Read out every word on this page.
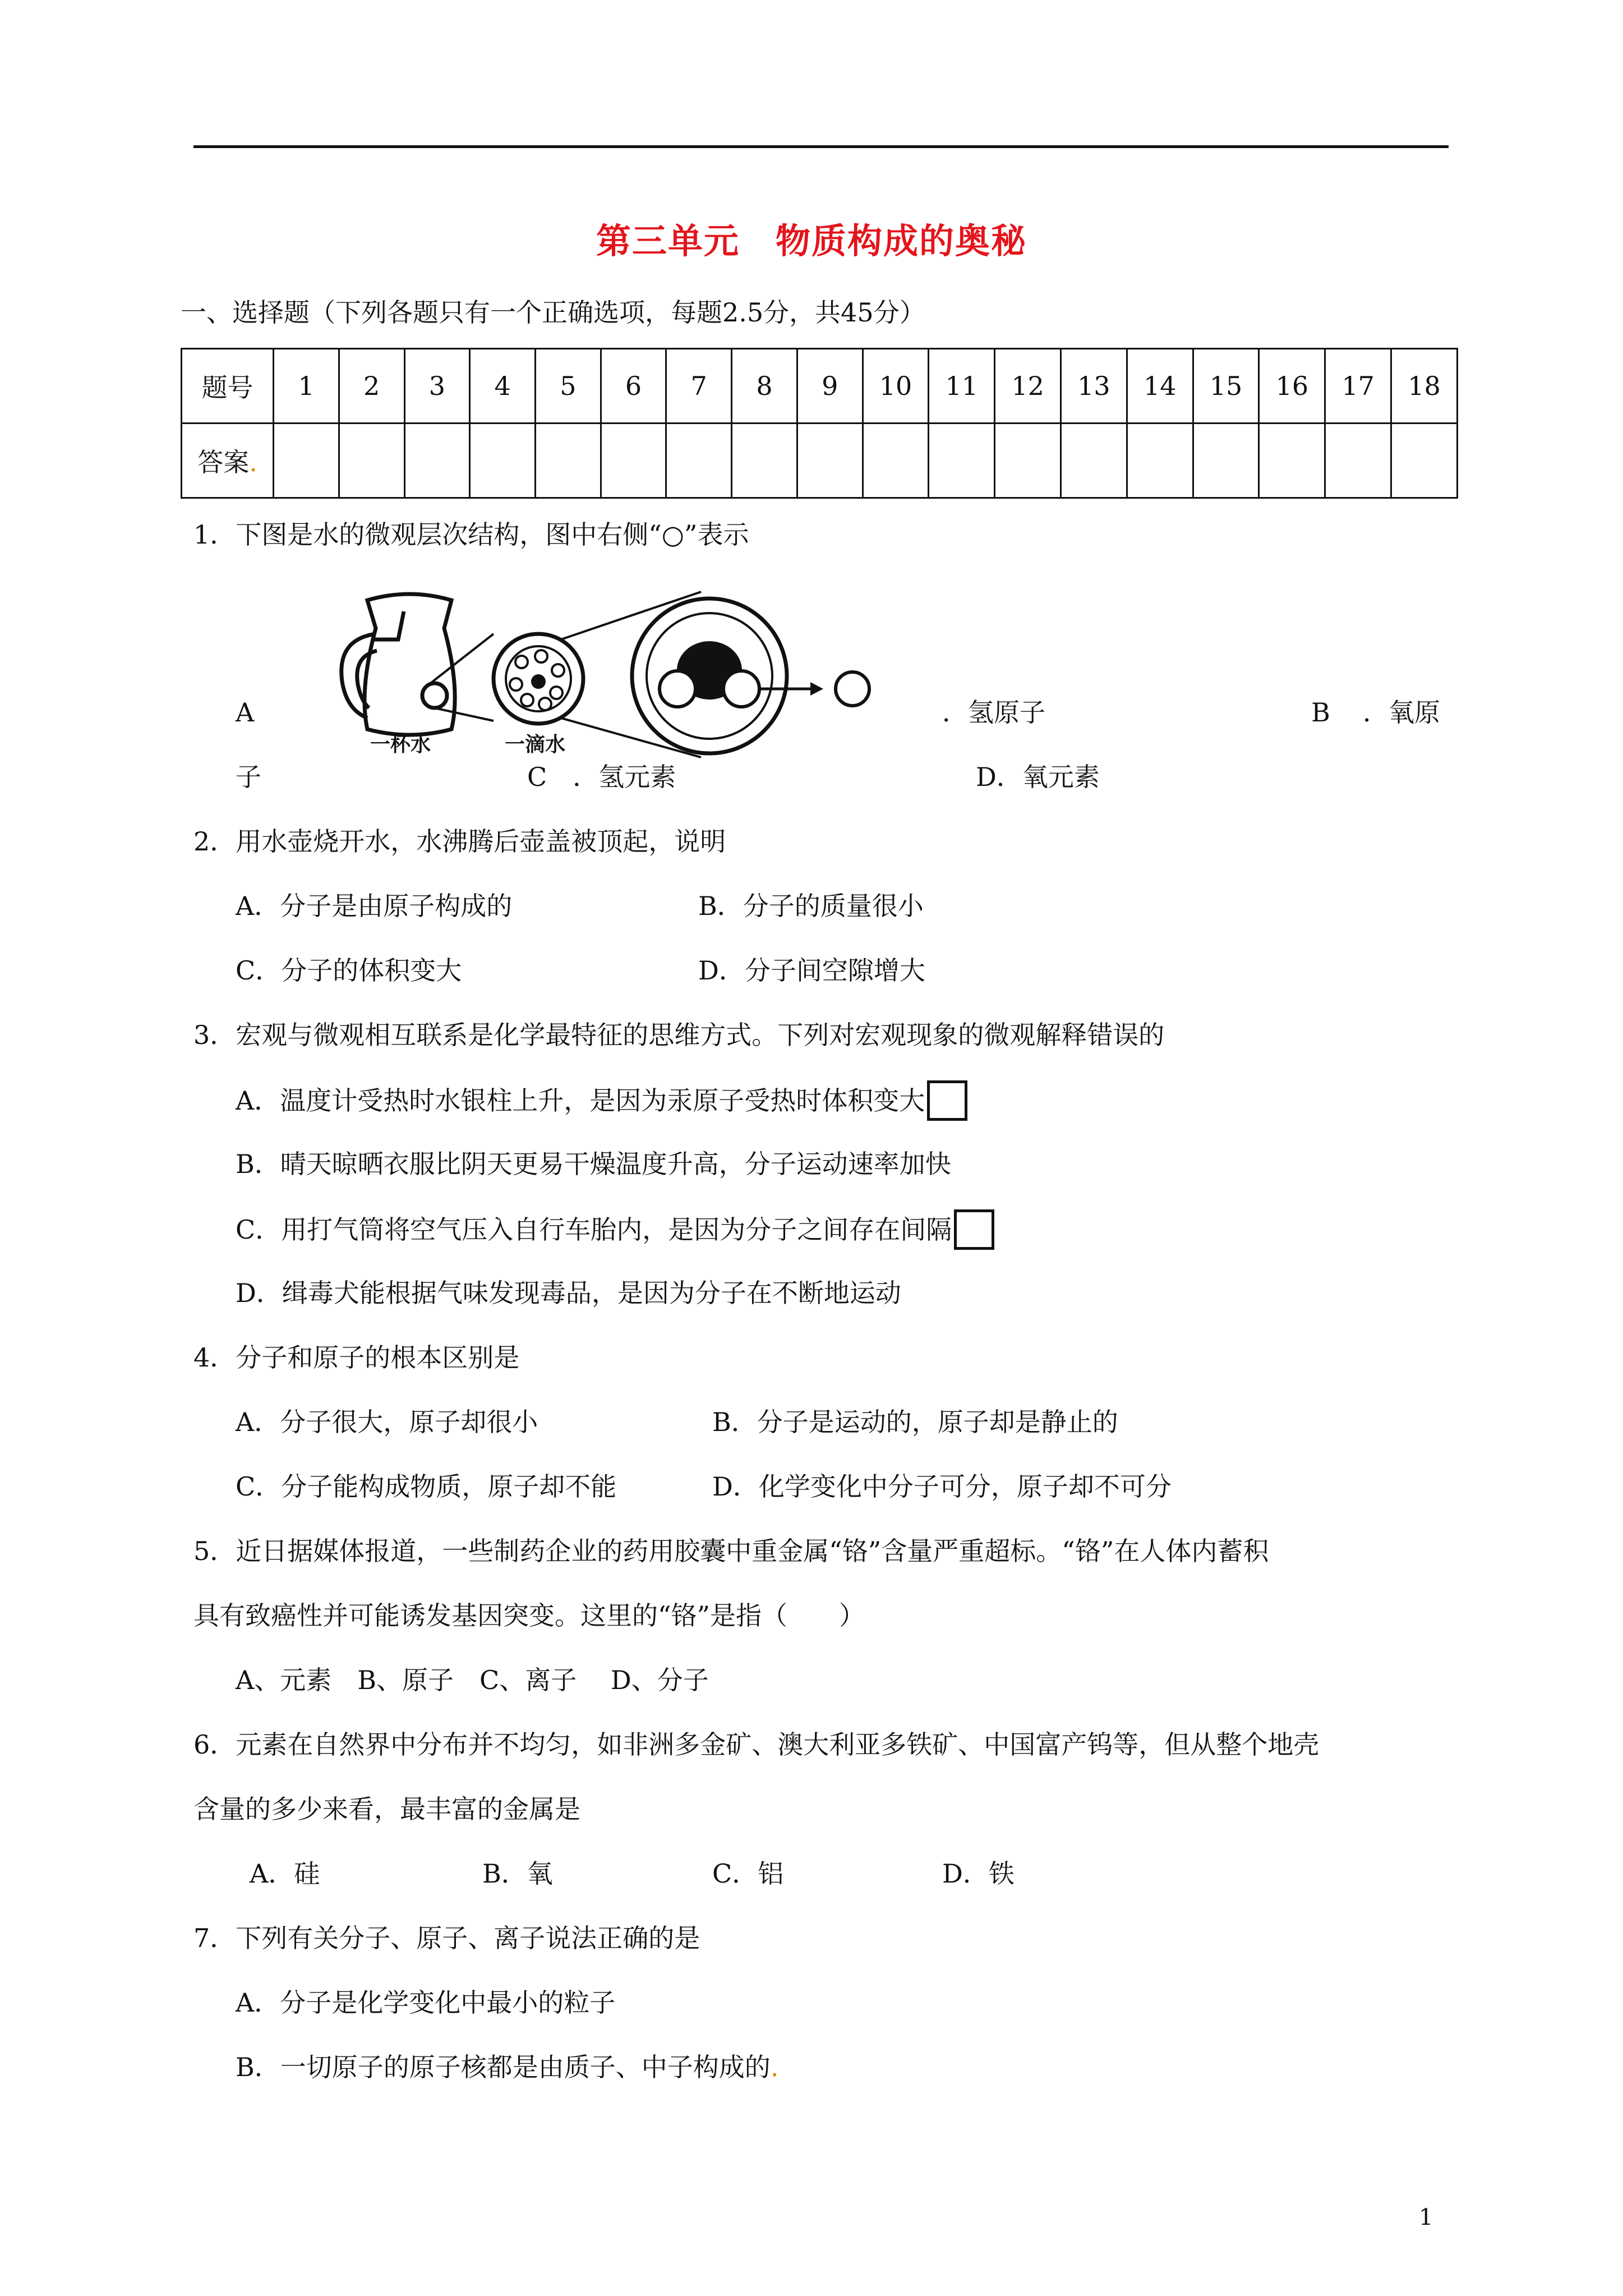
第三单元　物质构成的奥秘
一、选择题（下列各题只有一个正确选项，每题2.5分，共45分）
题号	1	2	3	4	5	6	7	8	9	10	11	12	13	14	15	16	17	18
答案.																		
1．下图是水的微观层次结构，图中右侧“○”表示
一杯水	一滴水
A	．氢原子	B ．氧原
子	C　．氢元素	D．氧元素
2．用水壶烧开水，水沸腾后壶盖被顶起，说明
A．分子是由原子构成的	B．分子的质量很小
C．分子的体积变大	D．分子间空隙增大
3．宏观与微观相互联系是化学最特征的思维方式。下列对宏观现象的微观解释错误的
A．温度计受热时水银柱上升，是因为汞原子受热时体积变大
B．晴天晾晒衣服比阴天更易干燥温度升高，分子运动速率加快
C．用打气筒将空气压入自行车胎内，是因为分子之间存在间隔
D．缉毒犬能根据气味发现毒品，是因为分子在不断地运动
4．分子和原子的根本区别是
A．分子很大，原子却很小	B．分子是运动的，原子却是静止的
C．分子能构成物质，原子却不能	D．化学变化中分子可分，原子却不可分
5．近日据媒体报道，一些制药企业的药用胶囊中重金属“铬”含量严重超标。“铬”在人体内蓄积
具有致癌性并可能诱发基因突变。这里的“铬”是指（　　）
A、元素　B、原子　C、离子　 D、分子
6．元素在自然界中分布并不均匀，如非洲多金矿、澳大利亚多铁矿、中国富产钨等，但从整个地壳
含量的多少来看，最丰富的金属是
A．硅	B．氧	C．铝	D．铁
7．下列有关分子、原子、离子说法正确的是
A．分子是化学变化中最小的粒子
B．一切原子的原子核都是由质子、中子构成的.
1
